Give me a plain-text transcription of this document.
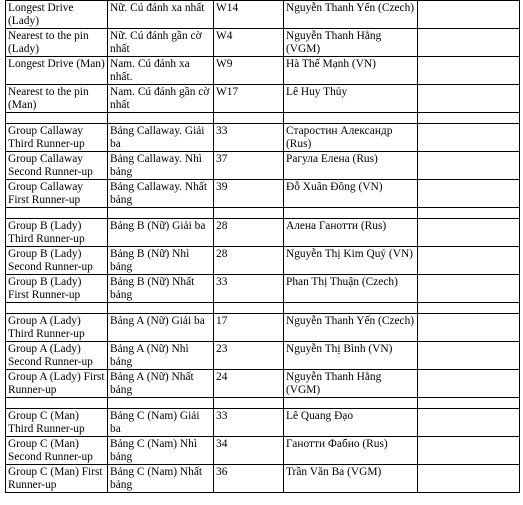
Longest Drive (Lady)	Nữ. Cú đánh xa nhất	W14	Nguyễn Thanh Yến (Czech)	

Nearest to the pin (Lady)	Nữ. Cú đánh gần cờ nhất	W4	Nguyễn Thanh Hằng (VGM)	

Longest Drive (Man)	Nam. Cú đánh xa nhất.	W9	Hà Thế Mạnh (VN)	

Nearest to the pin (Man)	Nam. Cú đánh gần cờ nhất	W17	Lê Huy Thủy	

Group Callaway Third Runner-up	Bảng Callaway. Giải ba	33	Старостин Александр (Rus)	

Group Callaway Second Runner-up	Bảng Callaway. Nhì bảng	37	Рагула Елена (Rus)	

Group Callaway First Runner-up	Bảng Callaway. Nhất bảng	39	Đỗ Xuân Đông (VN)	

Group B (Lady) Third Runner-up	Bảng B (Nữ) Giải ba	28	Алена Ганотти (Rus)	

Group B (Lady) Second Runner-up	Bảng B (Nữ) Nhì bảng	28	Nguyễn Thị Kim Quý (VN)	

Group B (Lady) First Runner-up	Bảng B (Nữ) Nhất bảng	33	Phan Thị Thuận (Czech)	

Group A (Lady) Third Runner-up	Bảng A (Nữ) Giải ba	17	Nguyễn Thanh Yến (Czech)	

Group A (Lady) Second Runner-up	Bảng A (Nữ) Nhì bảng	23	Nguyễn Thị Bình (VN)	

Group A (Lady) First Runner-up	Bảng A (Nữ) Nhất bảng	24	Nguyễn Thanh Hằng (VGM)	

Group C (Man) Third Runner-up	Bảng C (Nam) Giải ba	33	Lê Quang Đạo	

Group C (Man) Second Runner-up	Bảng C (Nam) Nhì bảng	34	Ганотти Фабио (Rus)	

Group C (Man) First Runner-up	Bảng C (Nam) Nhất bảng	36	Trần Văn Ba (VGM)	
